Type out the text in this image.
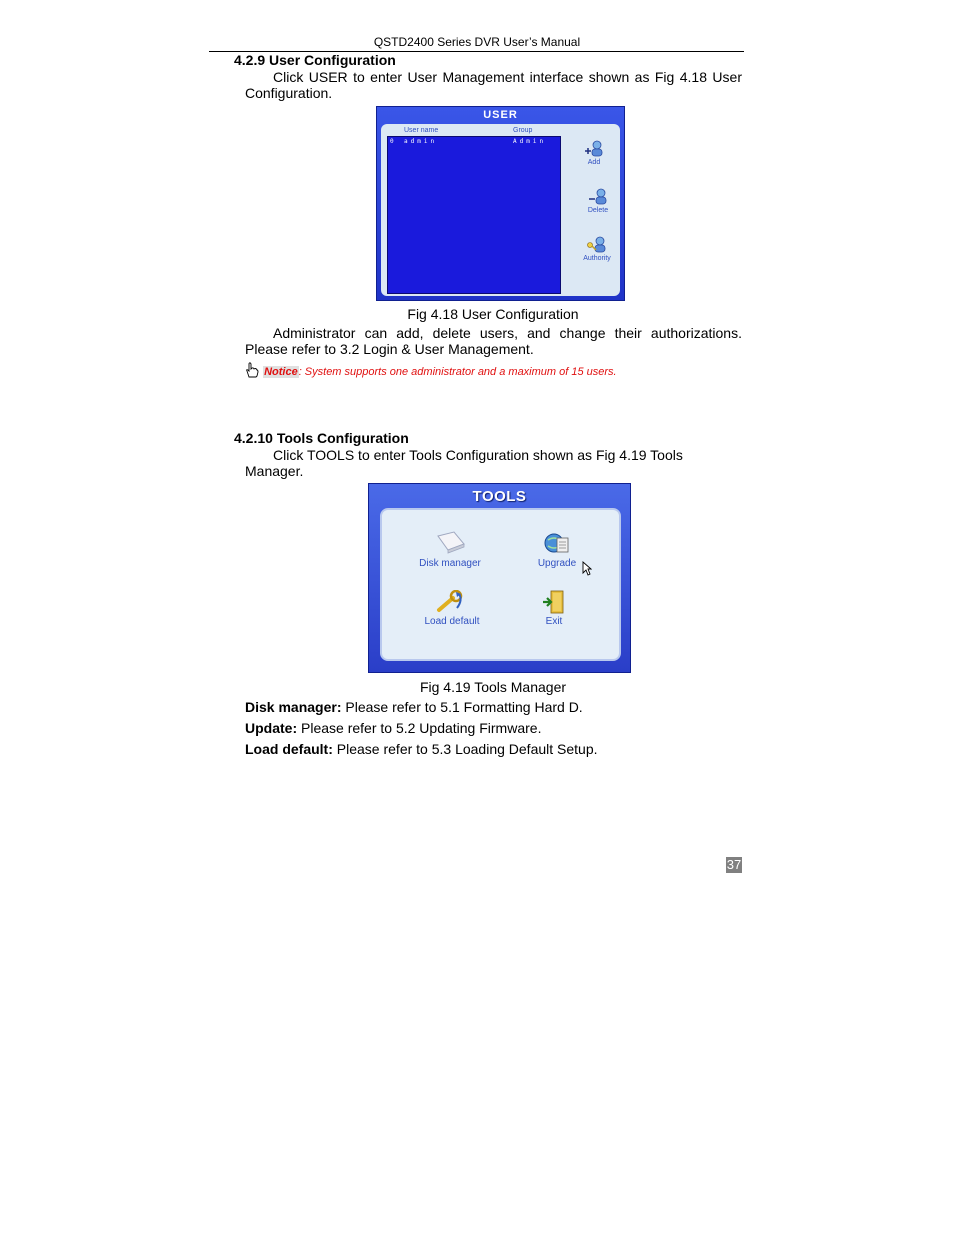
QSTD2400 Series DVR User’s Manual
4.2.9 User Configuration
Click USER to enter User Management interface shown as Fig 4.18 User Configuration.
USER
User name	Group
0 admin	Admin
Add
Delete
Authority
Fig 4.18 User Configuration
Administrator can add, delete users, and change their authorizations. Please refer to 3.2 Login & User Management.
Notice: System supports one administrator and a maximum of 15 users.
4.2.10 Tools Configuration
Click TOOLS to enter Tools Configuration shown as Fig 4.19 Tools Manager.
TOOLS
Disk manager	Upgrade
Load default	Exit
Fig 4.19 Tools Manager
Disk manager: Please refer to 5.1 Formatting Hard D.
Update: Please refer to 5.2 Updating Firmware.
Load default: Please refer to 5.3 Loading Default Setup.
37
